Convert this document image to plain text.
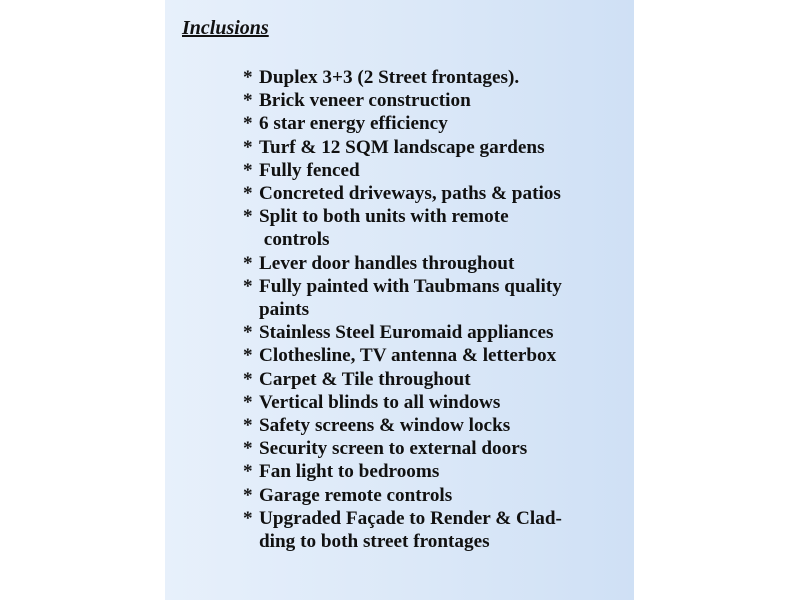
Inclusions
* Duplex 3+3 (2 Street frontages).
* Brick veneer construction
* 6 star energy efficiency
* Turf & 12 SQM landscape gardens
* Fully fenced
* Concreted driveways, paths & patios
* Split to both units with remote
controls
* Lever door handles throughout
* Fully painted with Taubmans quality
paints
* Stainless Steel Euromaid appliances
* Clothesline, TV antenna & letterbox
* Carpet & Tile throughout
* Vertical blinds to all windows
* Safety screens & window locks
* Security screen to external doors
* Fan light to bedrooms
* Garage remote controls
* Upgraded Façade to Render & Clad-
ding to both street frontages
